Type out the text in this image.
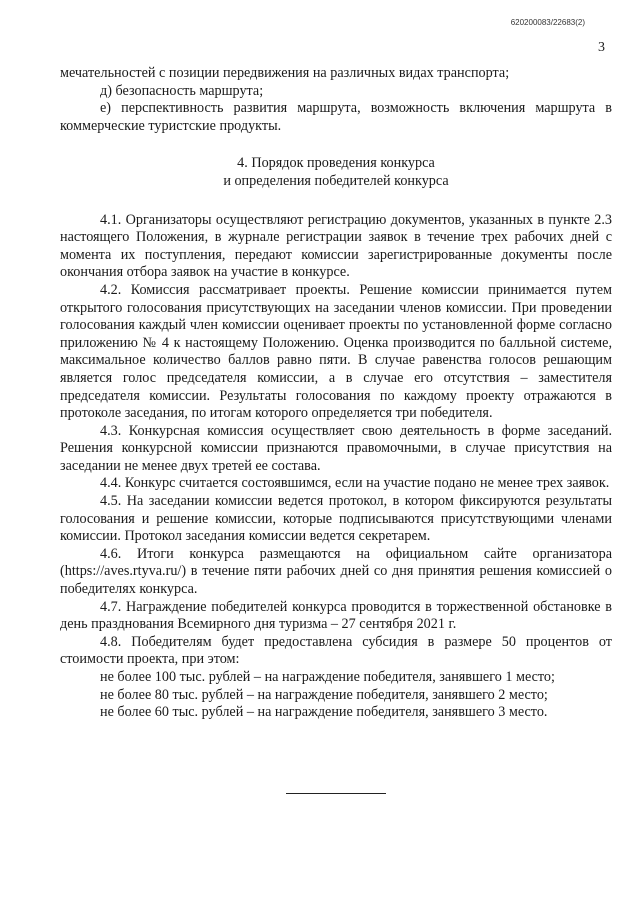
620200083/22683(2)
3

мечательностей с позиции передвижения на различных видах транспорта;

д) безопасность маршрута;

е) перспективность развития маршрута, возможность включения маршрута в коммерческие туристские продукты.

4. Порядок проведения конкурса
и определения победителей конкурса

4.1. Организаторы осуществляют регистрацию документов, указанных в пункте 2.3 настоящего Положения, в журнале регистрации заявок в течение трех рабочих дней с момента их поступления, передают комиссии зарегистрированные документы после окончания отбора заявок на участие в конкурсе.

4.2. Комиссия рассматривает проекты. Решение комиссии принимается путем открытого голосования присутствующих на заседании членов комиссии. При проведении голосования каждый член комиссии оценивает проекты по установленной форме согласно приложению № 4 к настоящему Положению. Оценка производится по балльной системе, максимальное количество баллов равно пяти. В случае равенства голосов решающим является голос председателя комиссии, а в случае его отсутствия – заместителя председателя комиссии. Результаты голосования по каждому проекту отражаются в протоколе заседания, по итогам которого определяется три победителя.

4.3. Конкурсная комиссия осуществляет свою деятельность в форме заседаний. Решения конкурсной комиссии признаются правомочными, в случае присутствия на заседании не менее двух третей ее состава.

4.4. Конкурс считается состоявшимся, если на участие подано не менее трех заявок.

4.5. На заседании комиссии ведется протокол, в котором фиксируются результаты голосования и решение комиссии, которые подписываются присутствующими членами комиссии. Протокол заседания комиссии ведется секретарем.

4.6. Итоги конкурса размещаются на официальном сайте организатора (https://aves.rtyva.ru/) в течение пяти рабочих дней со дня принятия решения комиссией о победителях конкурса.

4.7. Награждение победителей конкурса проводится в торжественной обстановке в день празднования Всемирного дня туризма – 27 сентября 2021 г.

4.8. Победителям будет предоставлена субсидия в размере 50 процентов от стоимости проекта, при этом:

не более 100 тыс. рублей – на награждение победителя, занявшего 1 место;

не более 80 тыс. рублей – на награждение победителя, занявшего 2 место;

не более 60 тыс. рублей – на награждение победителя, занявшего 3 место.
